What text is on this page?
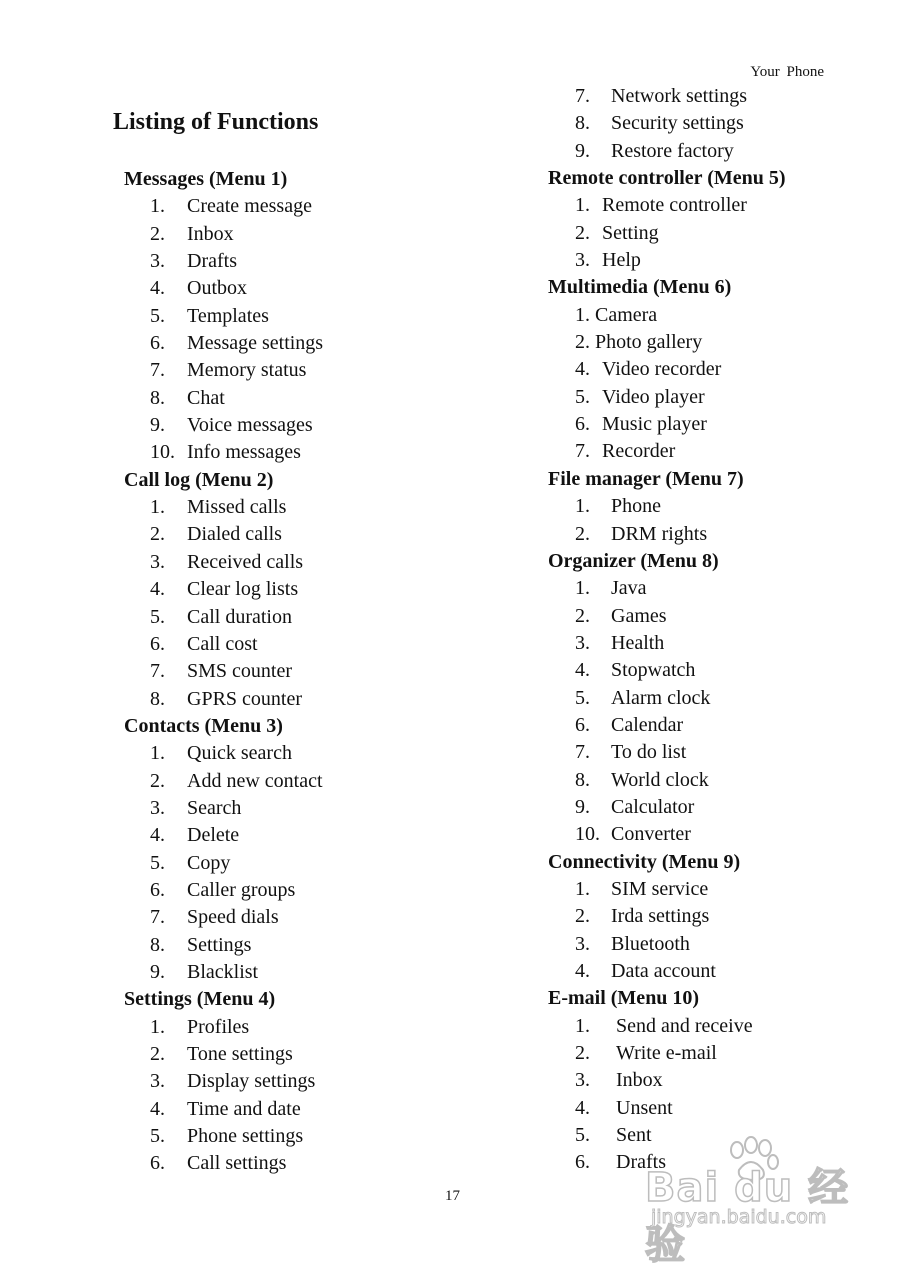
Your Phone
Listing of Functions
Messages (Menu 1)
1. Create message
2. Inbox
3. Drafts
4. Outbox
5. Templates
6. Message settings
7. Memory status
8. Chat
9. Voice messages
10. Info messages
Call log (Menu 2)
1. Missed calls
2. Dialed calls
3. Received calls
4. Clear log lists
5. Call duration
6. Call cost
7. SMS counter
8. GPRS counter
Contacts (Menu 3)
1. Quick search
2. Add new contact
3. Search
4. Delete
5. Copy
6. Caller groups
7. Speed dials
8. Settings
9. Blacklist
Settings (Menu 4)
1. Profiles
2. Tone settings
3. Display settings
4. Time and date
5. Phone settings
6. Call settings
7. Network settings
8. Security settings
9. Restore factory
Remote controller (Menu 5)
1. Remote controller
2. Setting
3. Help
Multimedia (Menu 6)
1. Camera
2. Photo gallery
4. Video recorder
5. Video player
6. Music player
7. Recorder
File manager (Menu 7)
1. Phone
2. DRM rights
Organizer (Menu 8)
1. Java
2. Games
3. Health
4. Stopwatch
5. Alarm clock
6. Calendar
7. To do list
8. World clock
9. Calculator
10. Converter
Connectivity (Menu 9)
1. SIM service
2. Irda settings
3. Bluetooth
4. Data account
E-mail (Menu 10)
1. Send and receive
2. Write e-mail
3. Inbox
4. Unsent
5. Sent
6. Drafts
17	Bai du 经验
jingyan.baidu.com
